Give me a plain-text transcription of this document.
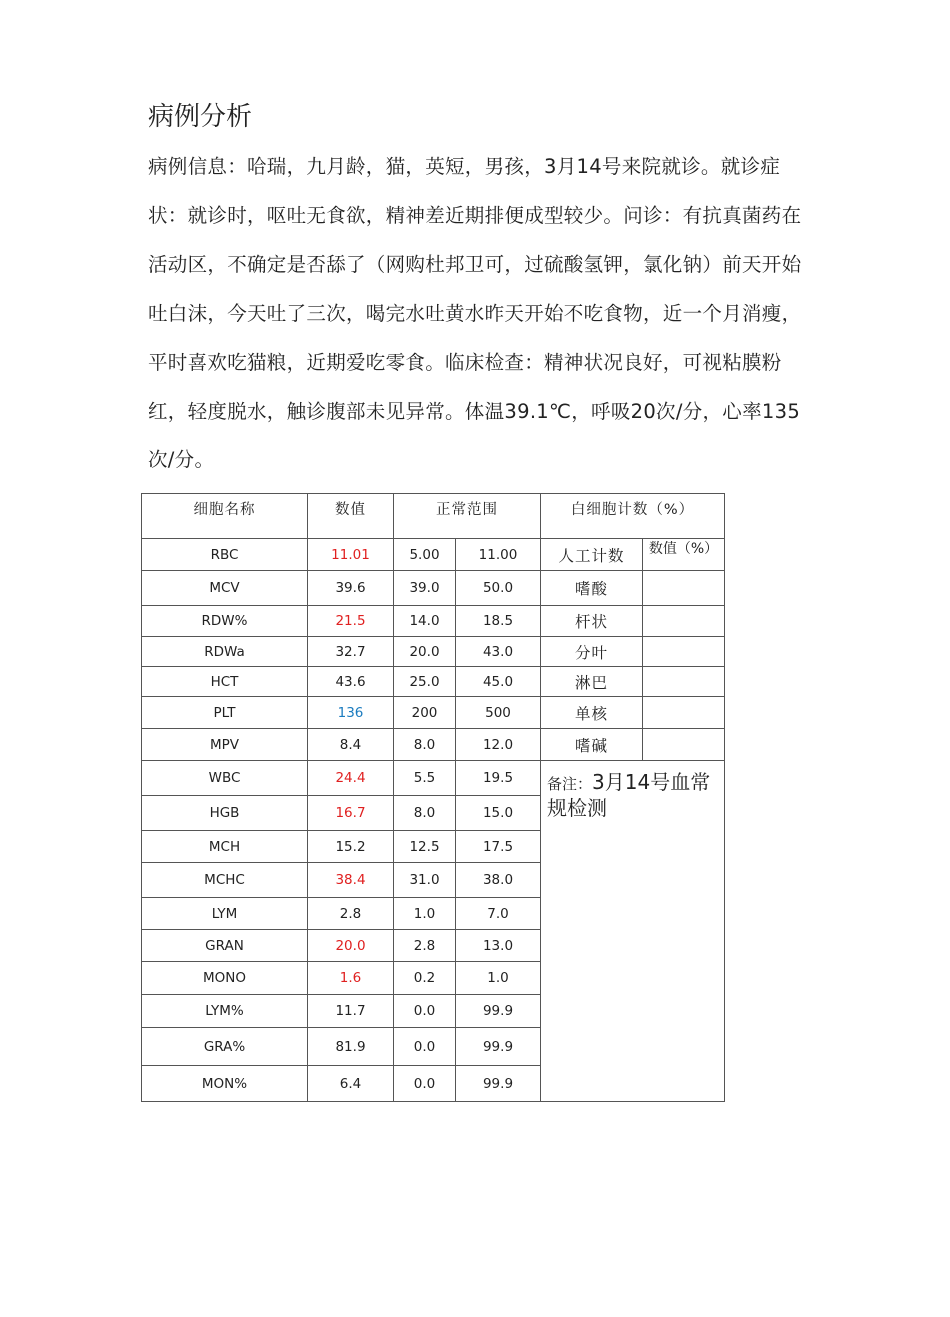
病例分析

病例信息：哈瑞，九月龄，猫，英短，男孩，3月14号来院就诊。就诊症状：就诊时，呕吐无食欲，精神差近期排便成型较少。问诊：有抗真菌药在活动区，不确定是否舔了（网购杜邦卫可，过硫酸氢钾，氯化钠）前天开始吐白沫，今天吐了三次，喝完水吐黄水昨天开始不吃食物，近一个月消瘦，平时喜欢吃猫粮，近期爱吃零食。临床检查：精神状况良好，可视粘膜粉红，轻度脱水，触诊腹部未见异常。体温39.1℃，呼吸20次/分，心率135次/分。

细胞名称	数值	正常范围		白细胞计数（%）	
RBC	11.01	5.00	11.00	人工计数	数值（%）
MCV	39.6	39.0	50.0	嗜酸	
RDW%	21.5	14.0	18.5	杆状	
RDWa	32.7	20.0	43.0	分叶	
HCT	43.6	25.0	45.0	淋巴	
PLT	136	200	500	单核	
MPV	8.4	8.0	12.0	嗜碱	
WBC	24.4	5.5	19.5	备注：3月14号血常规检测	
HGB	16.7	8.0	15.0		
MCH	15.2	12.5	17.5		
MCHC	38.4	31.0	38.0		
LYM	2.8	1.0	7.0		
GRAN	20.0	2.8	13.0		
MONO	1.6	0.2	1.0		
LYM%	11.7	0.0	99.9		
GRA%	81.9	0.0	99.9		
MON%	6.4	0.0	99.9		
